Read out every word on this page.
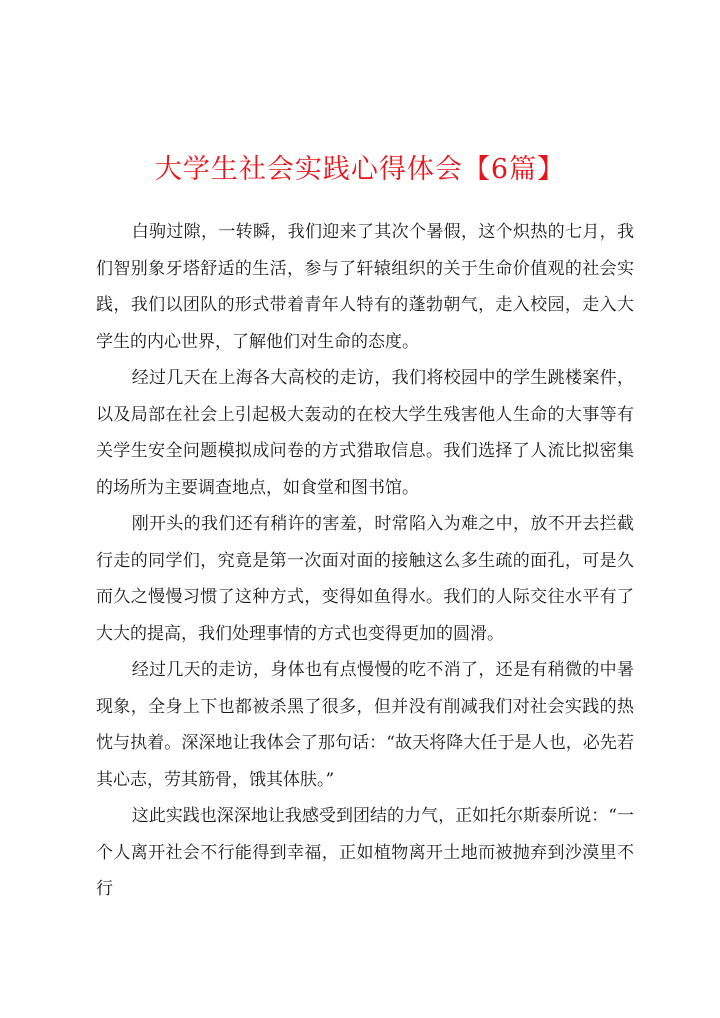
大学生社会实践心得体会【6篇】

白驹过隙，一转瞬，我们迎来了其次个暑假，这个炽热的七月，我们智别象牙塔舒适的生活，参与了轩辕组织的关于生命价值观的社会实践，我们以团队的形式带着青年人特有的蓬勃朝气，走入校园，走入大学生的内心世界，了解他们对生命的态度。

经过几天在上海各大高校的走访，我们将校园中的学生跳楼案件，以及局部在社会上引起极大轰动的在校大学生残害他人生命的大事等有关学生安全问题模拟成问卷的方式猎取信息。我们选择了人流比拟密集的场所为主要调查地点，如食堂和图书馆。

刚开头的我们还有稍许的害羞，时常陷入为难之中，放不开去拦截行走的同学们，究竟是第一次面对面的接触这么多生疏的面孔，可是久而久之慢慢习惯了这种方式，变得如鱼得水。我们的人际交往水平有了大大的提高，我们处理事情的方式也变得更加的圆滑。

经过几天的走访，身体也有点慢慢的吃不消了，还是有稍微的中暑现象，全身上下也都被杀黑了很多，但并没有削减我们对社会实践的热忱与执着。深深地让我体会了那句话：“故天将降大任于是人也，必先若其心志，劳其筋骨，饿其体肤。”

这此实践也深深地让我感受到团结的力气，正如托尔斯泰所说：“一个人离开社会不行能得到幸福，正如植物离开土地而被抛弃到沙漠里不行
